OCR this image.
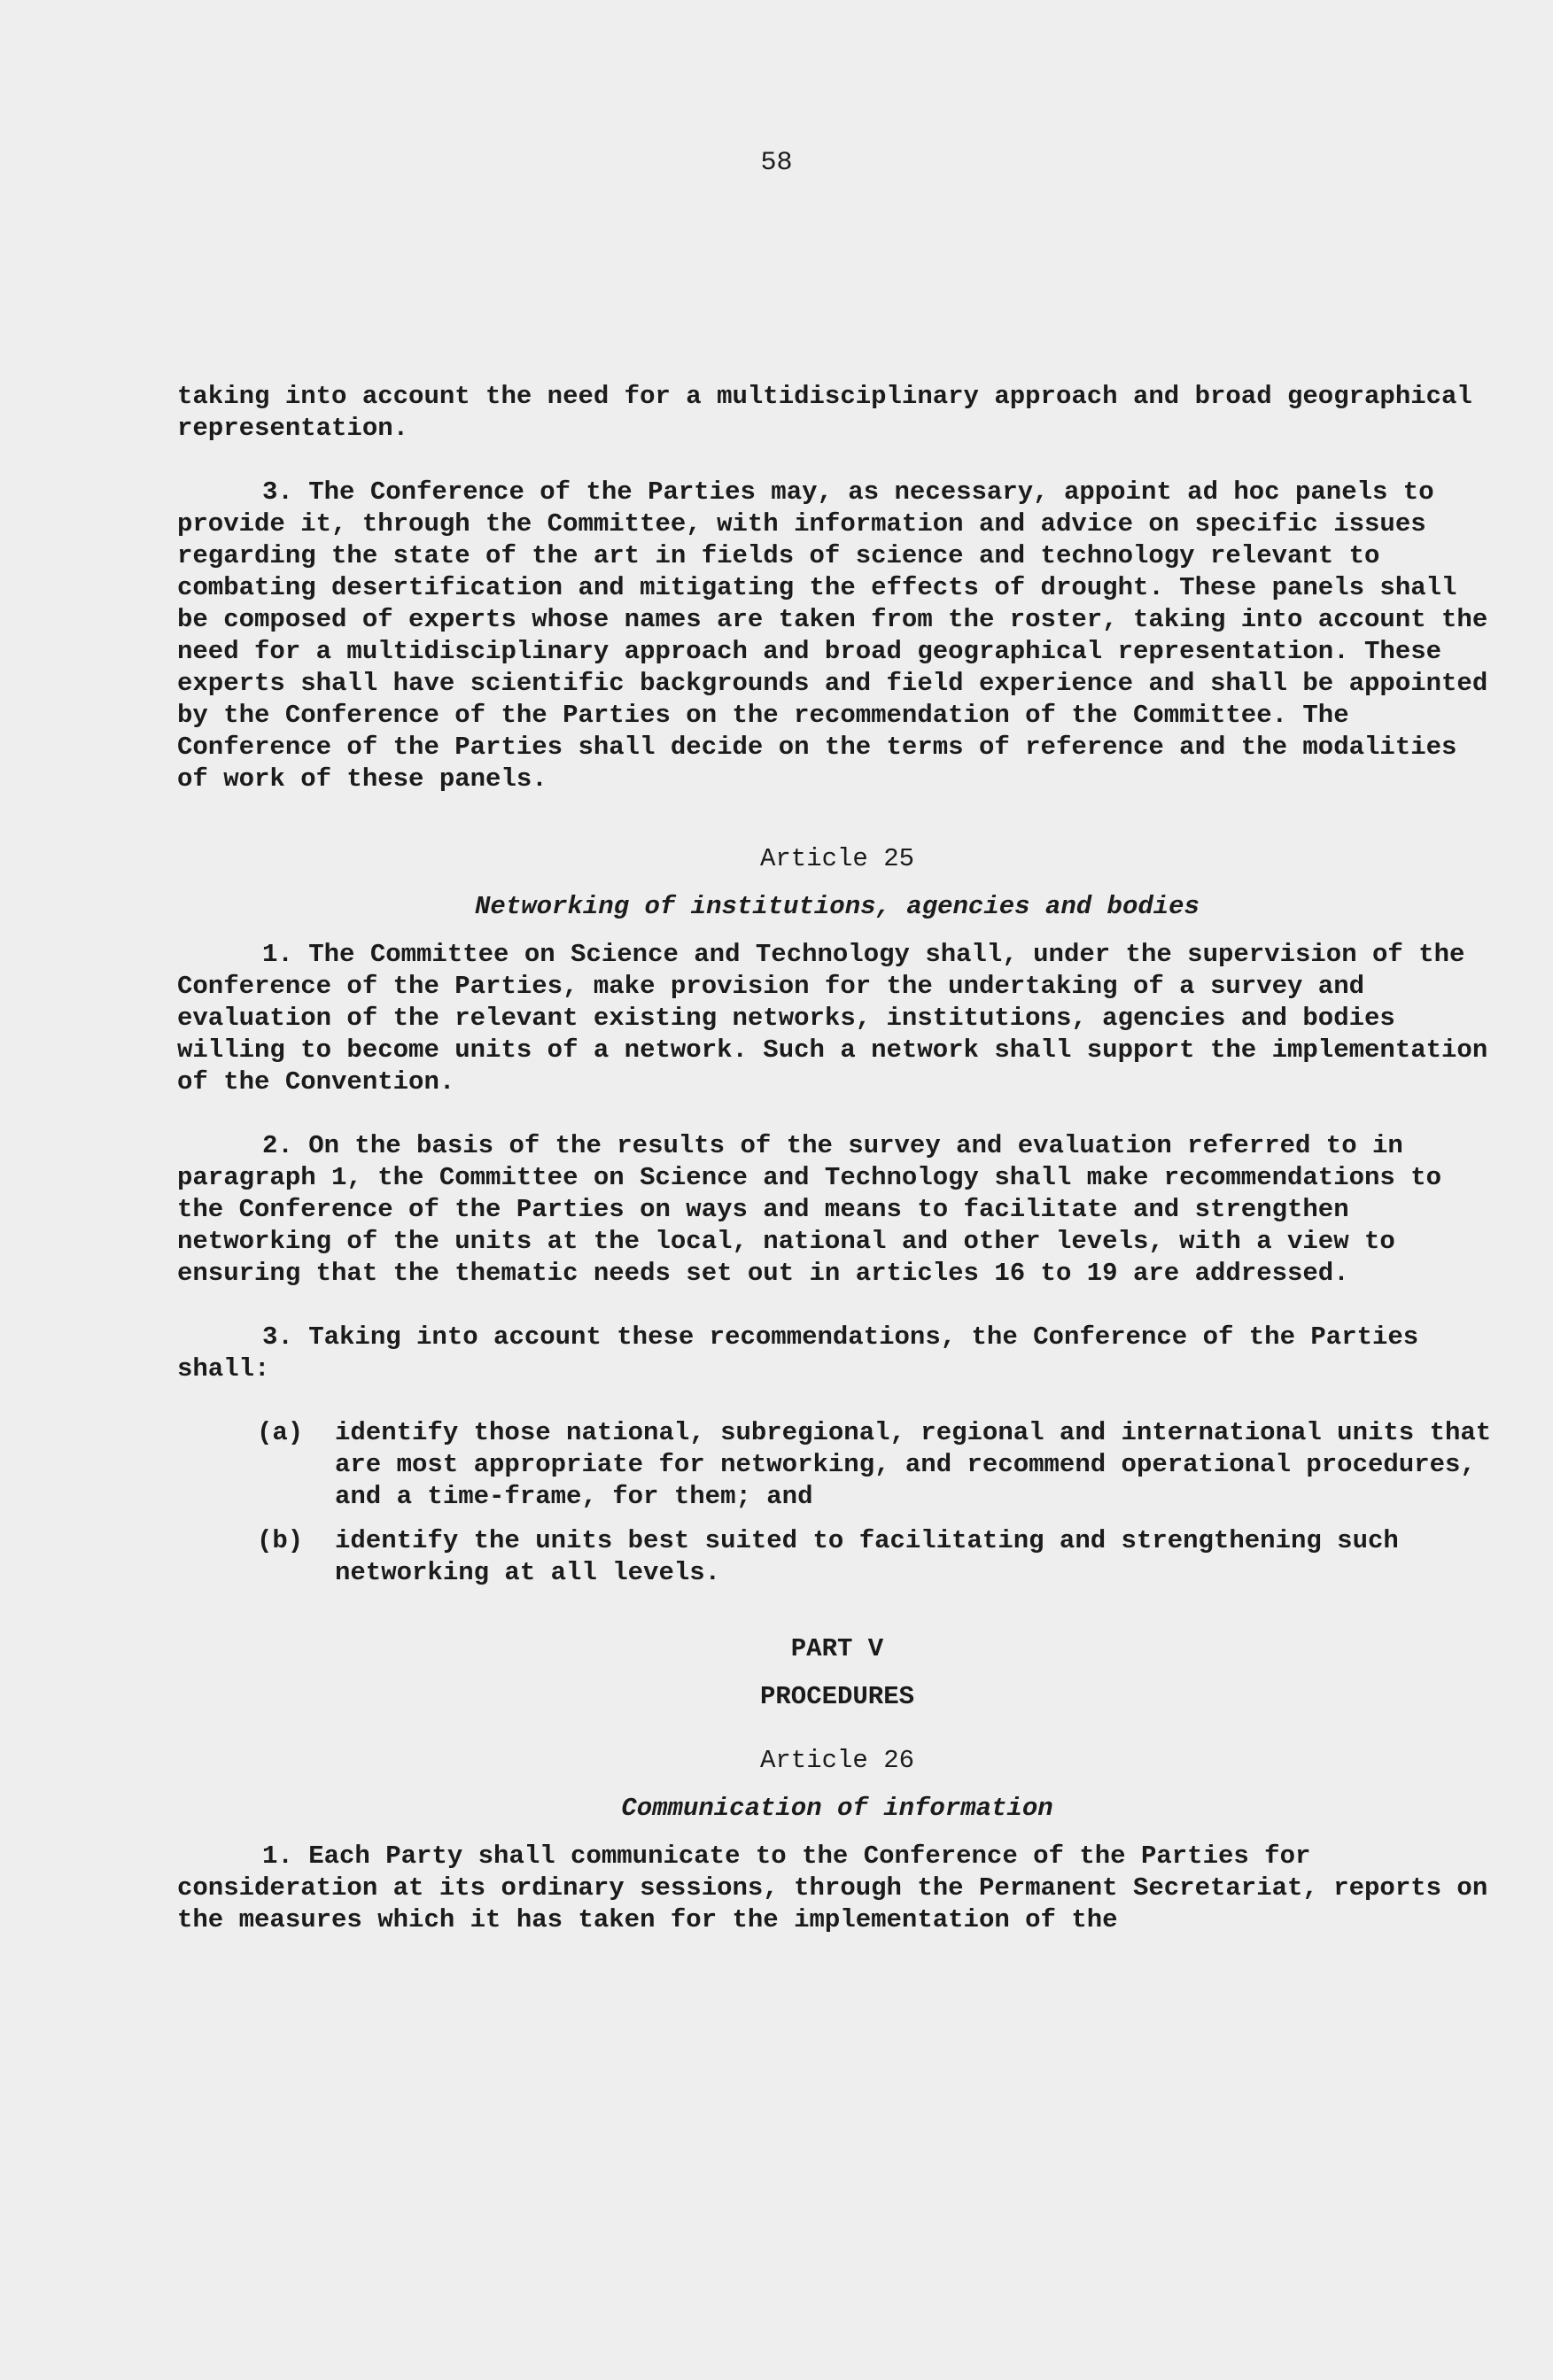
58

taking into account the need for a multidisciplinary approach and broad geographical representation.

3. The Conference of the Parties may, as necessary, appoint ad hoc panels to provide it, through the Committee, with information and advice on specific issues regarding the state of the art in fields of science and technology relevant to combating desertification and mitigating the effects of drought. These panels shall be composed of experts whose names are taken from the roster, taking into account the need for a multidisciplinary approach and broad geographical representation. These experts shall have scientific backgrounds and field experience and shall be appointed by the Conference of the Parties on the recommendation of the Committee. The Conference of the Parties shall decide on the terms of reference and the modalities of work of these panels.

Article 25
Networking of institutions, agencies and bodies

1. The Committee on Science and Technology shall, under the supervision of the Conference of the Parties, make provision for the undertaking of a survey and evaluation of the relevant existing networks, institutions, agencies and bodies willing to become units of a network. Such a network shall support the implementation of the Convention.

2. On the basis of the results of the survey and evaluation referred to in paragraph 1, the Committee on Science and Technology shall make recommendations to the Conference of the Parties on ways and means to facilitate and strengthen networking of the units at the local, national and other levels, with a view to ensuring that the thematic needs set out in articles 16 to 19 are addressed.

3. Taking into account these recommendations, the Conference of the Parties shall:

(a)	identify those national, subregional, regional and international units that are most appropriate for networking, and recommend operational procedures, and a time-frame, for them; and
(b)	identify the units best suited to facilitating and strengthening such networking at all levels.
PART V
PROCEDURES
Article 26
Communication of information

1. Each Party shall communicate to the Conference of the Parties for consideration at its ordinary sessions, through the Permanent Secretariat, reports on the measures which it has taken for the implementation of the
